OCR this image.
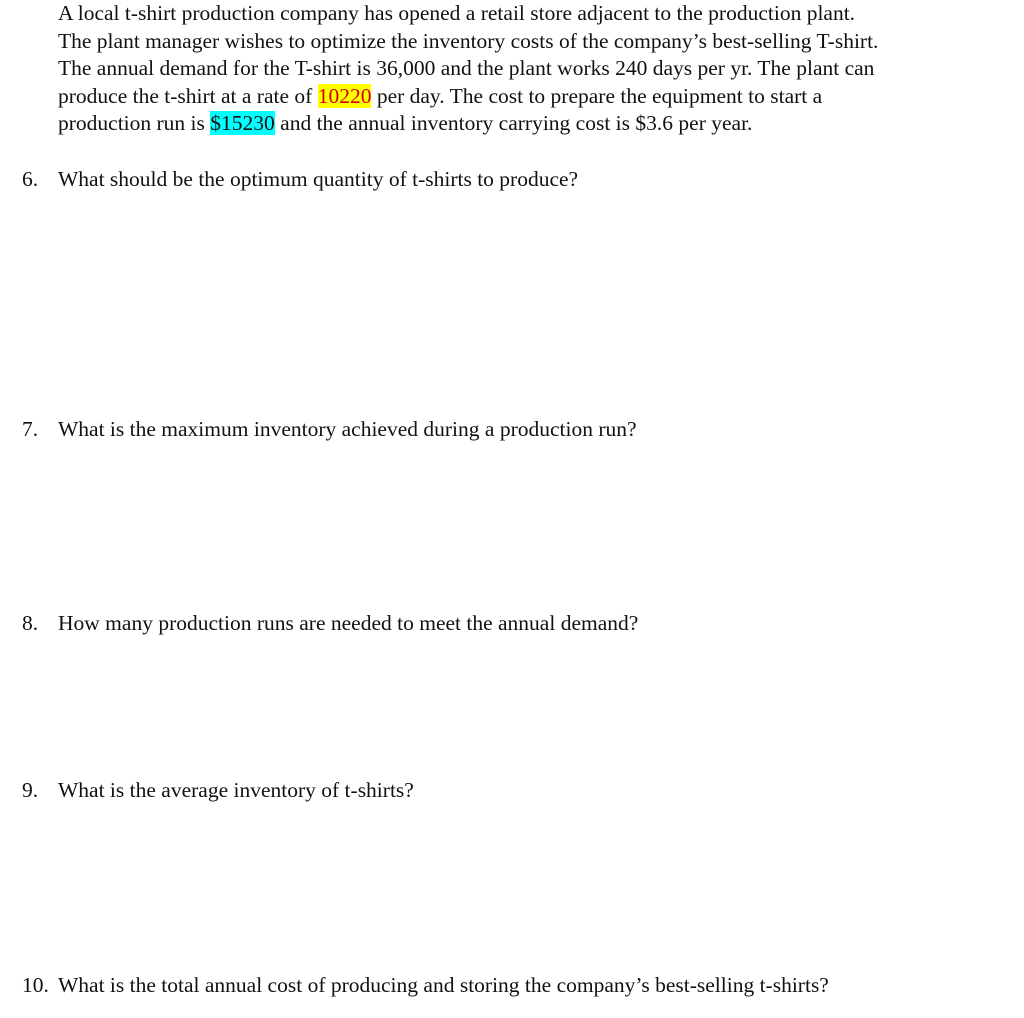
A local t-shirt production company has opened a retail store adjacent to the production plant.
The plant manager wishes to optimize the inventory costs of the company’s best-selling T-shirt.
The annual demand for the T-shirt is 36,000 and the plant works 240 days per yr. The plant can
produce the t-shirt at a rate of 10220 per day. The cost to prepare the equipment to start a
production run is $15230 and the annual inventory carrying cost is $3.6 per year.
6. What should be the optimum quantity of t-shirts to produce?
7. What is the maximum inventory achieved during a production run?
8. How many production runs are needed to meet the annual demand?
9. What is the average inventory of t-shirts?
10. What is the total annual cost of producing and storing the company’s best-selling t-shirts?
